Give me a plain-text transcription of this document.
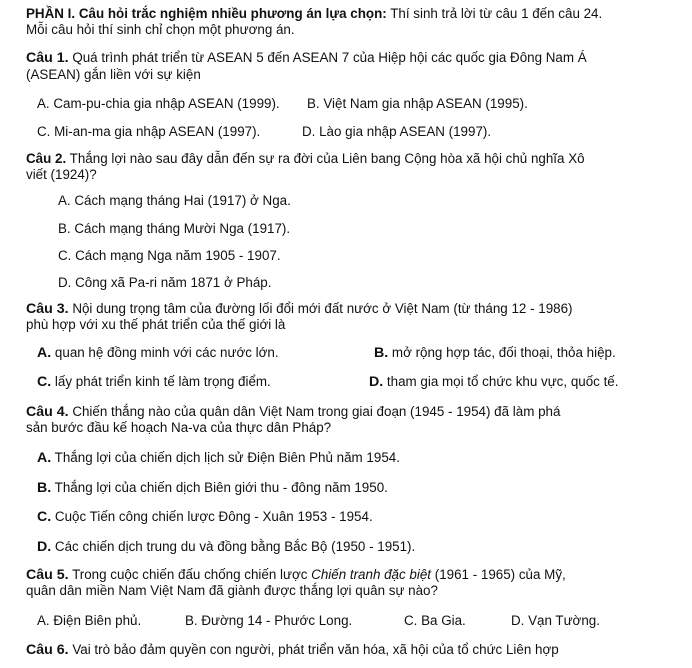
PHẦN I. Câu hỏi trắc nghiệm nhiều phương án lựa chọn: Thí sinh trả lời từ câu 1 đến câu 24.
Mỗi câu hỏi thí sinh chỉ chọn một phương án.
Câu 1. Quá trình phát triển từ ASEAN 5 đến ASEAN 7 của Hiệp hội các quốc gia Đông Nam Á
(ASEAN) gắn liền với sự kiện
A. Cam-pu-chia gia nhập ASEAN (1999). B. Việt Nam gia nhập ASEAN (1995).
C. Mi-an-ma gia nhập ASEAN (1997).	D. Lào gia nhập ASEAN (1997).
Câu 2. Thắng lợi nào sau đây dẫn đến sự ra đời của Liên bang Cộng hòa xã hội chủ nghĩa Xô
viết (1924)?
A. Cách mạng tháng Hai (1917) ở Nga.
B. Cách mạng tháng Mười Nga (1917).
C. Cách mạng Nga năm 1905 - 1907.
D. Công xã Pa-ri năm 1871 ở Pháp.
Câu 3. Nội dung trọng tâm của đường lối đổi mới đất nước ở Việt Nam (từ tháng 12 - 1986)
phù hợp với xu thế phát triển của thế giới là
A. quan hệ đồng minh với các nước lớn.	B. mở rộng hợp tác, đối thoại, thỏa hiệp.
C. lấy phát triển kinh tế làm trọng điểm.	D. tham gia mọi tổ chức khu vực, quốc tế.
Câu 4. Chiến thắng nào của quân dân Việt Nam trong giai đoạn (1945 - 1954) đã làm phá
sản bước đầu kế hoạch Na-va của thực dân Pháp?
A. Thắng lợi của chiến dịch lịch sử Điện Biên Phủ năm 1954.
B. Thắng lợi của chiến dịch Biên giới thu - đông năm 1950.
C. Cuộc Tiến công chiến lược Đông - Xuân 1953 - 1954.
D. Các chiến dịch trung du và đồng bằng Bắc Bộ (1950 - 1951).
Câu 5. Trong cuộc chiến đấu chống chiến lược Chiến tranh đặc biệt (1961 - 1965) của Mỹ,
quân dân miền Nam Việt Nam đã giành được thắng lợi quân sự nào?
A. Điện Biên phủ.	B. Đường 14 - Phước Long.	C. Ba Gia.	D. Vạn Tường.
Câu 6. Vai trò bảo đảm quyền con người, phát triển văn hóa, xã hội của tổ chức Liên hợp
